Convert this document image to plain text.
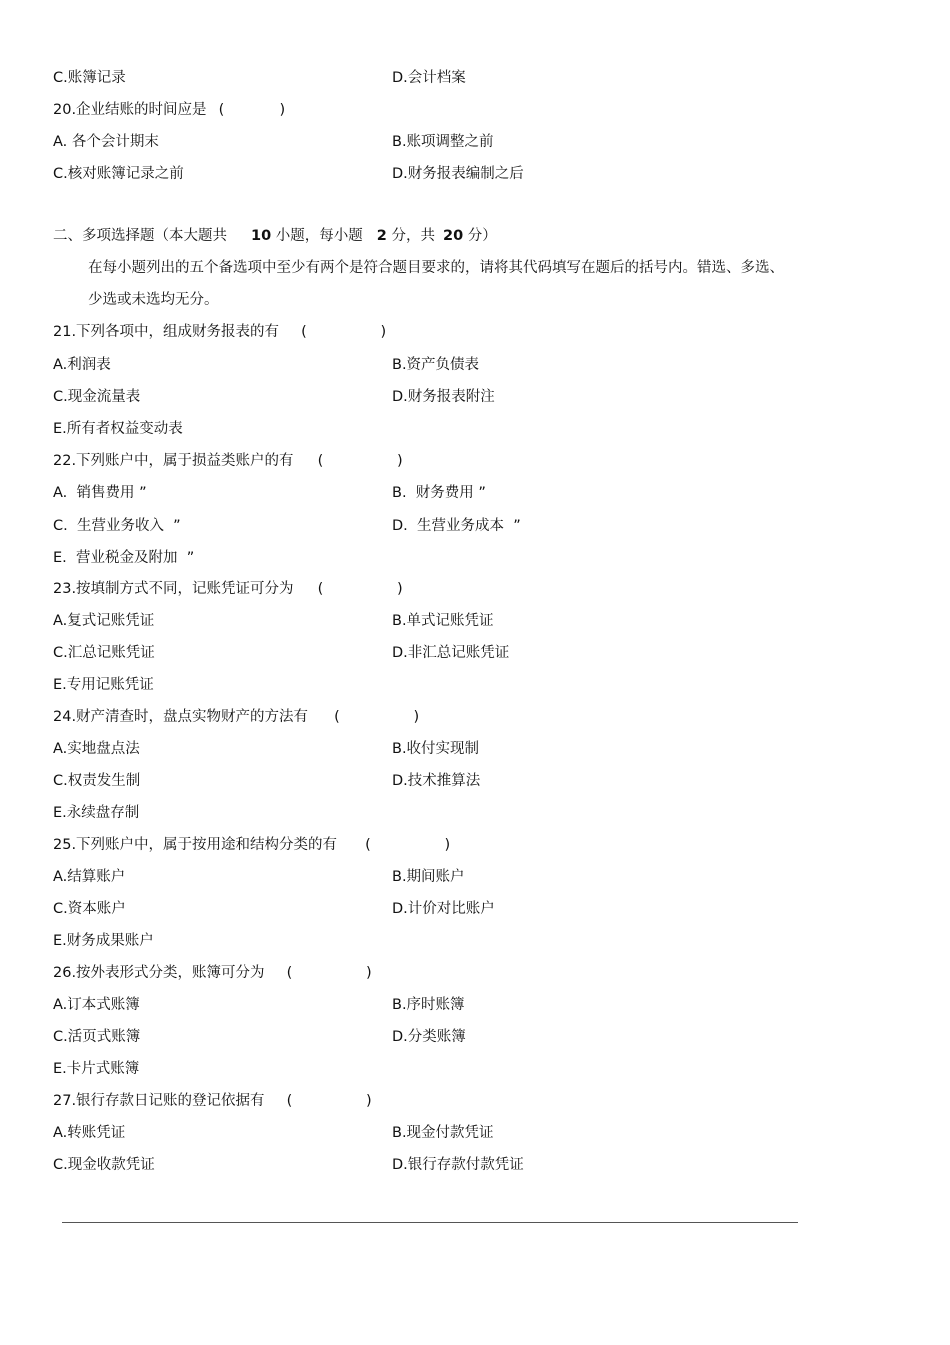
C.账簿记录	D.会计档案
20.企业结账的时间应是 (            )
A. 各个会计期末	B.账项调整之前
C.核对账簿记录之前	D.财务报表编制之后
二、多项选择题（本大题共 10 小题，每小题 2 分，共 20 分）
在每小题列出的五个备选项中至少有两个是符合题目要求的，请将其代码填写在题后的括号内。错选、多选、
少选或未选均无分。
21.下列各项中，组成财务报表的有 (                )
A.利润表	B.资产负债表
C.现金流量表	D.财务报表附注
E.所有者权益变动表
22.下列账户中，属于损益类账户的有 (                )
A.  销售费用 ”	B.  财务费用 ”
C.  生营业务收入  ”	D.  生营业务成本  ”
E.  营业税金及附加  ”
23.按填制方式不同，记账凭证可分为 (                )
A.复式记账凭证	B.单式记账凭证
C.汇总记账凭证	D.非汇总记账凭证
E.专用记账凭证
24.财产清查时，盘点实物财产的方法有 (                )
A.实地盘点法	B.收付实现制
C.权责发生制	D.技术推算法
E.永续盘存制
25.下列账户中，属于按用途和结构分类的有 (                )
A.结算账户	B.期间账户
C.资本账户	D.计价对比账户
E.财务成果账户
26.按外表形式分类，账簿可分为 (                )
A.订本式账簿	B.序时账簿
C.活页式账簿	D.分类账簿
E.卡片式账簿
27.银行存款日记账的登记依据有 (                )
A.转账凭证	B.现金付款凭证
C.现金收款凭证	D.银行存款付款凭证
